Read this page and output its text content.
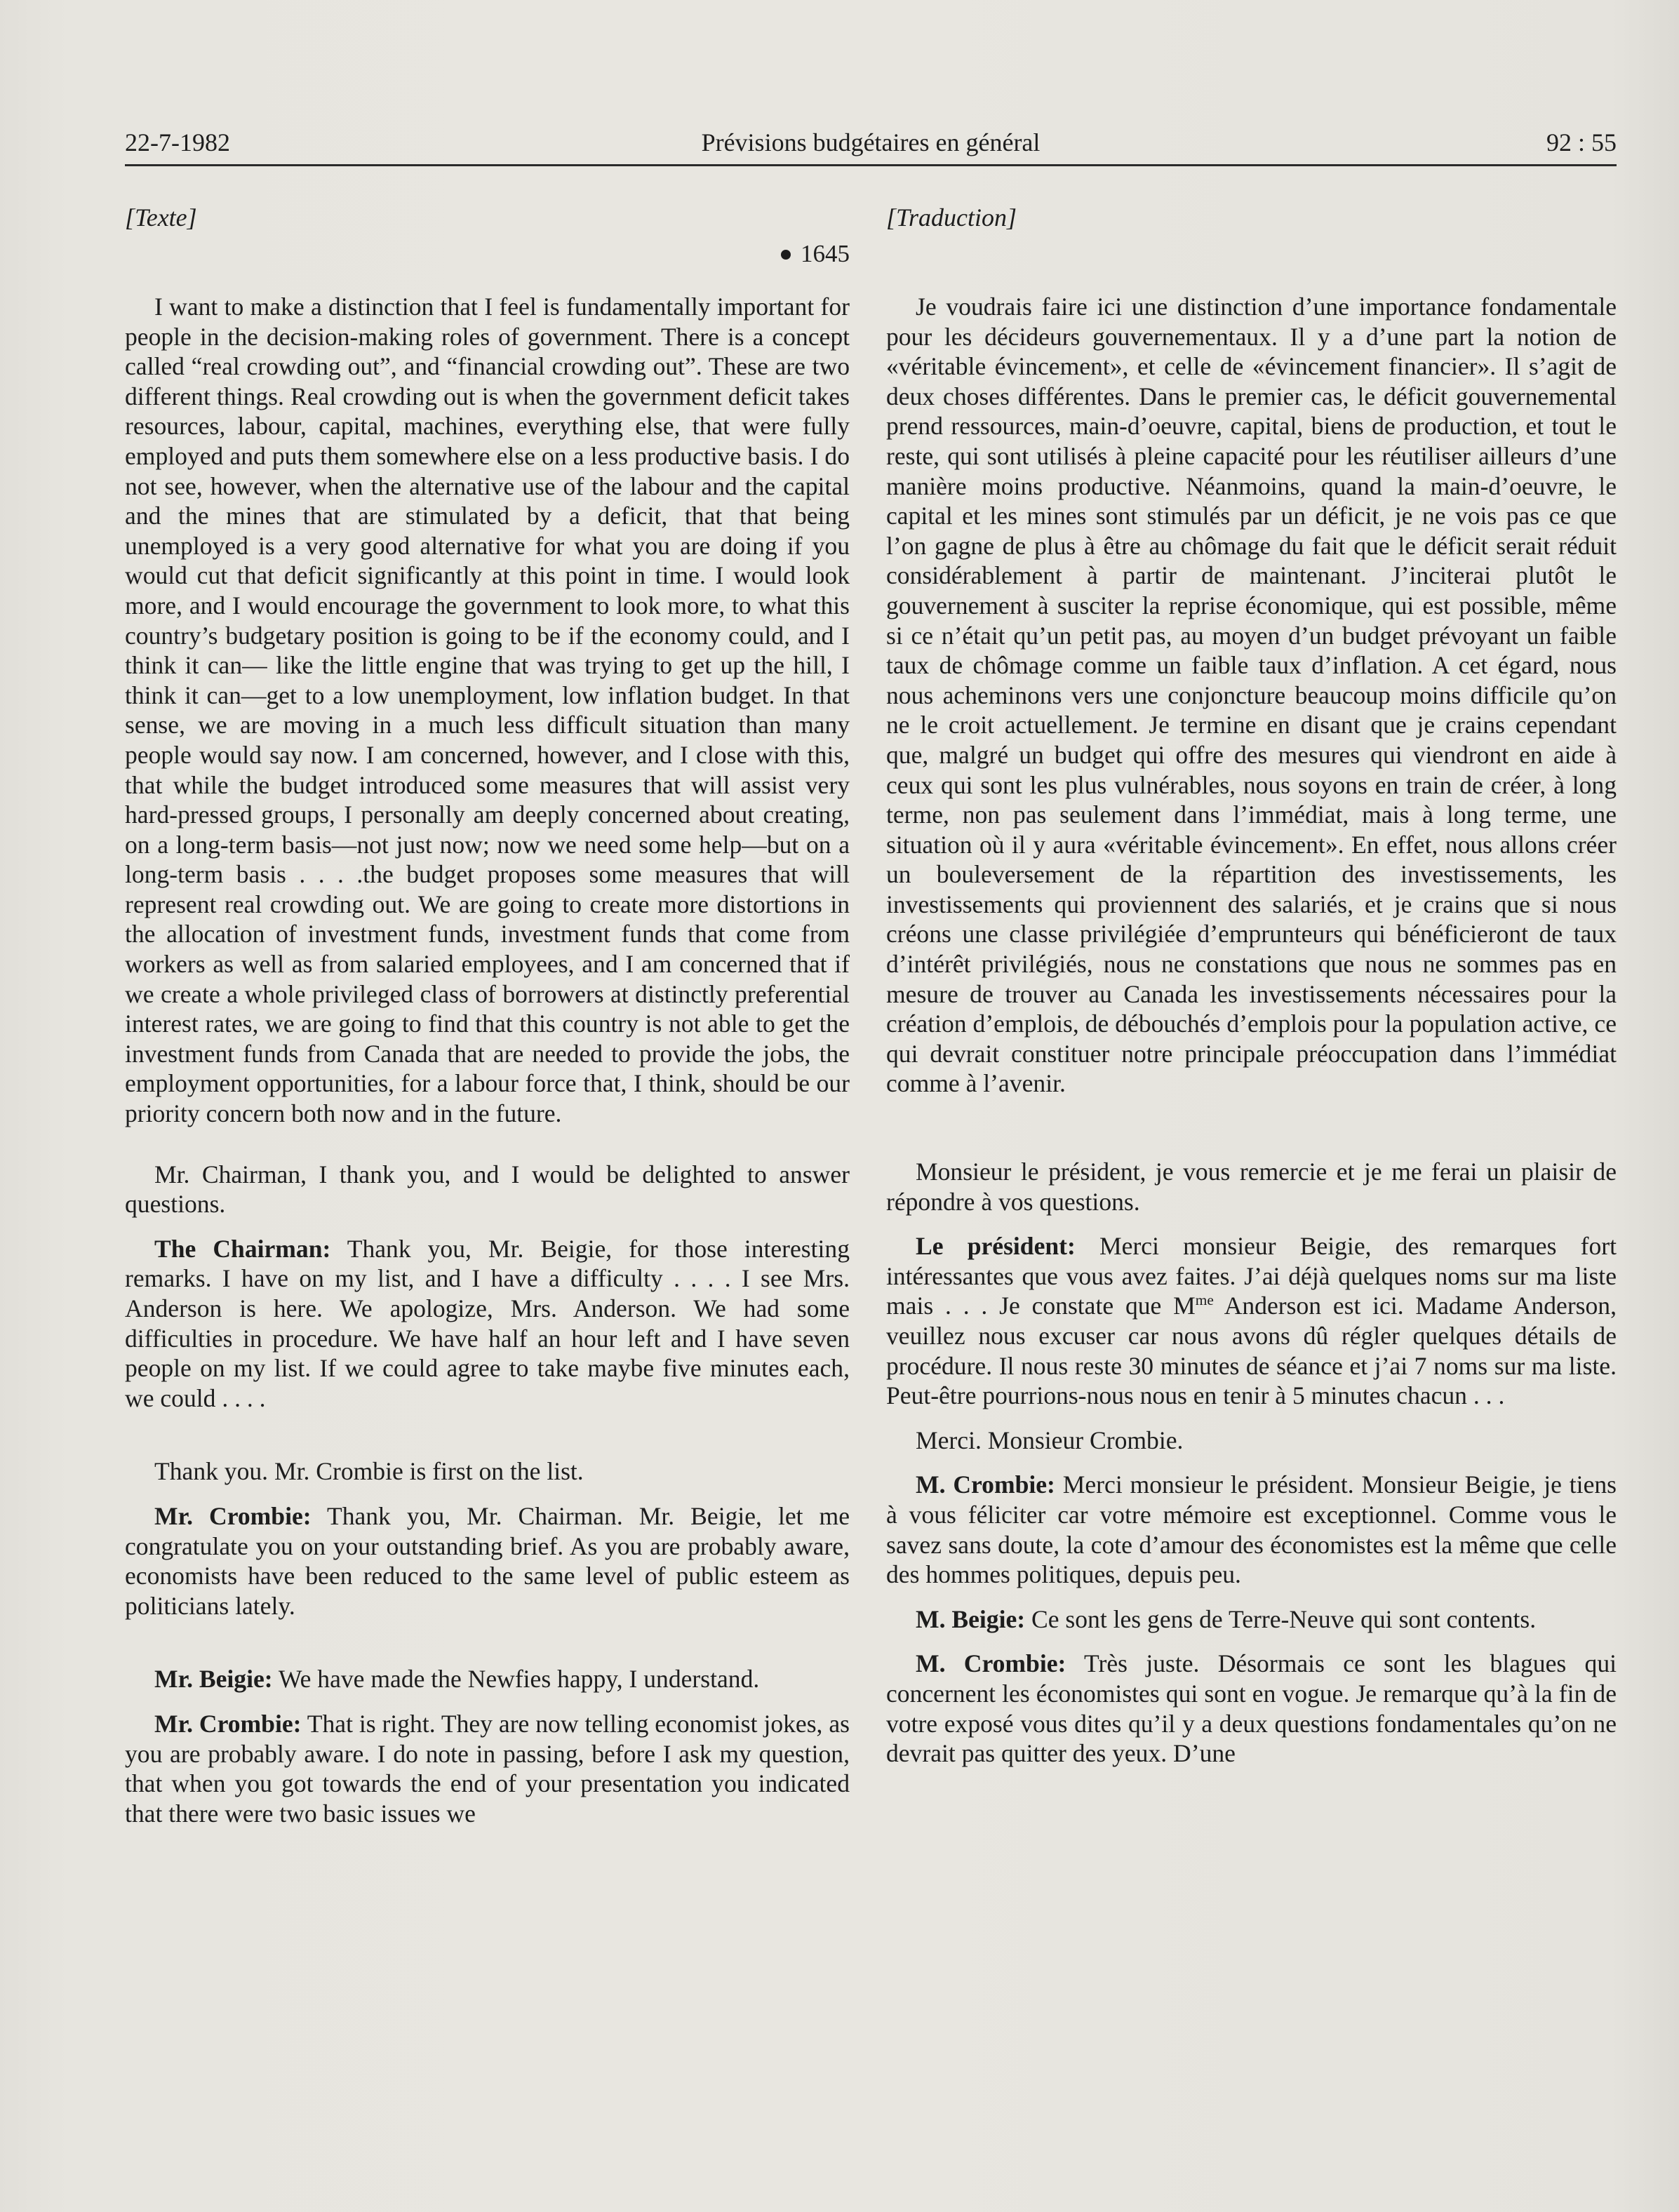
22-7-1982	Prévisions budgétaires en général	92 : 55
[Texte]
1645

I want to make a distinction that I feel is fundamentally important for people in the decision-making roles of government. There is a concept called “real crowding out”, and “financial crowding out”. These are two different things. Real crowding out is when the government deficit takes resources, labour, capital, machines, everything else, that were fully employed and puts them somewhere else on a less productive basis. I do not see, however, when the alternative use of the labour and the capital and the mines that are stimulated by a deficit, that that being unemployed is a very good alternative for what you are doing if you would cut that deficit significantly at this point in time. I would look more, and I would encourage the government to look more, to what this country’s budgetary position is going to be if the economy could, and I think it can— like the little engine that was trying to get up the hill, I think it can—get to a low unemployment, low inflation budget. In that sense, we are moving in a much less difficult situation than many people would say now. I am concerned, however, and I close with this, that while the budget introduced some measures that will assist very hard-pressed groups, I personally am deeply concerned about creating, on a long-term basis—not just now; now we need some help—but on a long-term basis . . . .the budget proposes some measures that will represent real crowding out. We are going to create more distortions in the allocation of investment funds, investment funds that come from workers as well as from salaried employees, and I am concerned that if we create a whole privileged class of borrowers at distinctly preferential interest rates, we are going to find that this country is not able to get the investment funds from Canada that are needed to provide the jobs, the employment opportunities, for a labour force that, I think, should be our priority concern both now and in the future.

Mr. Chairman, I thank you, and I would be delighted to answer questions.

The Chairman: Thank you, Mr. Beigie, for those interesting remarks. I have on my list, and I have a difficulty . . . . I see Mrs. Anderson is here. We apologize, Mrs. Anderson. We had some difficulties in procedure. We have half an hour left and I have seven people on my list. If we could agree to take maybe five minutes each, we could . . . .

Thank you. Mr. Crombie is first on the list.

Mr. Crombie: Thank you, Mr. Chairman. Mr. Beigie, let me congratulate you on your outstanding brief. As you are probably aware, economists have been reduced to the same level of public esteem as politicians lately.

Mr. Beigie: We have made the Newfies happy, I understand.

Mr. Crombie: That is right. They are now telling economist jokes, as you are probably aware. I do note in passing, before I ask my question, that when you got towards the end of your presentation you indicated that there were two basic issues we

[Traduction]

Je voudrais faire ici une distinction d’une importance fondamentale pour les décideurs gouvernementaux. Il y a d’une part la notion de «véritable évincement», et celle de «évincement financier». Il s’agit de deux choses différentes. Dans le premier cas, le déficit gouvernemental prend ressources, main-d’oeuvre, capital, biens de production, et tout le reste, qui sont utilisés à pleine capacité pour les réutiliser ailleurs d’une manière moins productive. Néanmoins, quand la main-d’oeuvre, le capital et les mines sont stimulés par un déficit, je ne vois pas ce que l’on gagne de plus à être au chômage du fait que le déficit serait réduit considérablement à partir de maintenant. J’inciterai plutôt le gouvernement à susciter la reprise économique, qui est possible, même si ce n’était qu’un petit pas, au moyen d’un budget prévoyant un faible taux de chômage comme un faible taux d’inflation. A cet égard, nous nous acheminons vers une conjoncture beaucoup moins difficile qu’on ne le croit actuellement. Je termine en disant que je crains cependant que, malgré un budget qui offre des mesures qui viendront en aide à ceux qui sont les plus vulnérables, nous soyons en train de créer, à long terme, non pas seulement dans l’immédiat, mais à long terme, une situation où il y aura «véritable évincement». En effet, nous allons créer un bouleversement de la répartition des investissements, les investissements qui proviennent des salariés, et je crains que si nous créons une classe privilégiée d’emprunteurs qui bénéficieront de taux d’intérêt privilégiés, nous ne constations que nous ne sommes pas en mesure de trouver au Canada les investissements nécessaires pour la création d’emplois, de débouchés d’emplois pour la population active, ce qui devrait constituer notre principale préoccupation dans l’immédiat comme à l’avenir.

Monsieur le président, je vous remercie et je me ferai un plaisir de répondre à vos questions.

Le président: Merci monsieur Beigie, des remarques fort intéressantes que vous avez faites. J’ai déjà quelques noms sur ma liste mais . . . Je constate que $M^{me}$ Anderson est ici. Madame Anderson, veuillez nous excuser car nous avons dû régler quelques détails de procédure. Il nous reste 30 minutes de séance et j’ai 7 noms sur ma liste. Peut-être pourrions-nous nous en tenir à 5 minutes chacun . . .

Merci. Monsieur Crombie.

M. Crombie: Merci monsieur le président. Monsieur Beigie, je tiens à vous féliciter car votre mémoire est exceptionnel. Comme vous le savez sans doute, la cote d’amour des économistes est la même que celle des hommes politiques, depuis peu.

M. Beigie: Ce sont les gens de Terre-Neuve qui sont contents.

M. Crombie: Très juste. Désormais ce sont les blagues qui concernent les économistes qui sont en vogue. Je remarque qu’à la fin de votre exposé vous dites qu’il y a deux questions fondamentales qu’on ne devrait pas quitter des yeux. D’une
